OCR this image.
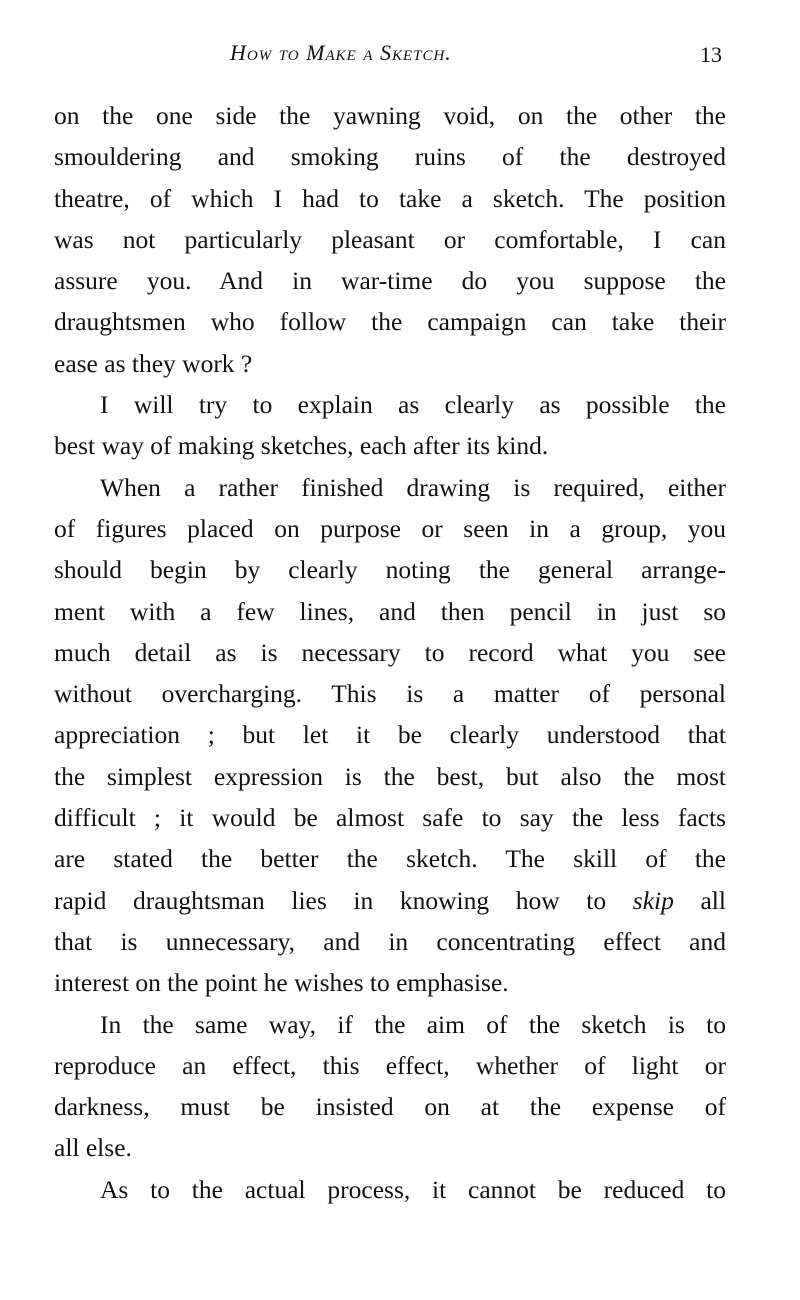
How to Make a Sketch.	13
on the one side the yawning void, on the other the
smouldering and smoking ruins of the destroyed
theatre, of which I had to take a sketch. The position
was not particularly pleasant or comfortable, I can
assure you. And in war-time do you suppose the
draughtsmen who follow the campaign can take their
ease as they work ?
I will try to explain as clearly as possible the
best way of making sketches, each after its kind.
When a rather finished drawing is required, either
of figures placed on purpose or seen in a group, you
should begin by clearly noting the general arrange-
ment with a few lines, and then pencil in just so
much detail as is necessary to record what you see
without overcharging. This is a matter of personal
appreciation ; but let it be clearly understood that
the simplest expression is the best, but also the most
difficult ; it would be almost safe to say the less facts
are stated the better the sketch. The skill of the
rapid draughtsman lies in knowing how to skip all
that is unnecessary, and in concentrating effect and
interest on the point he wishes to emphasise.
In the same way, if the aim of the sketch is to
reproduce an effect, this effect, whether of light or
darkness, must be insisted on at the expense of
all else.
As to the actual process, it cannot be reduced to
